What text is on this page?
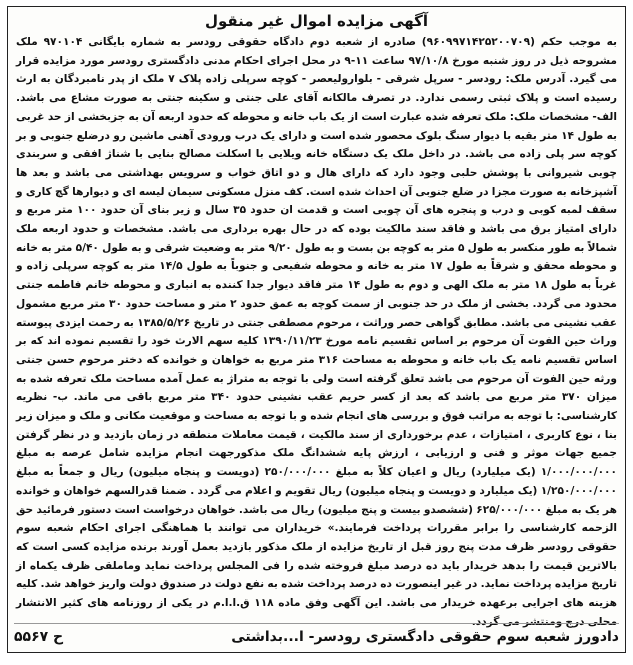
آگهی مزایده اموال غیر منقول
به موجب حکم (۹۶۰۹۹۷۱۴۲۵۲۰۰۷۰۹) صادره از شعبه دوم دادگاه حقوقی رودسر به شماره بایگانی ۹۷۰۱۰۴ ملک مشروحه ذیل در روز شنبه مورخ ۹۷/۱۰/۸ ساعت ۱۱-۹ در محل اجرای احکام مدنی دادگستری رودسر مورد مزایده قرار می گیرد. آدرس ملک: رودسر - سرپل شرقی - بلوارولیعصر - کوچه سرپلی زاده پلاک ۷ ملک از پدر نامبردگان به ارث رسیده است و پلاک ثبتی رسمی ندارد. در تصرف مالکانه آقای علی جنتی و سکینه جنتی به صورت مشاع می باشد. الف- مشخصات ملک: ملک تعرفه شده عبارت است از یک باب خانه و محوطه که حدود اربعه آن به جزبخشی از حد غربی به طول ۱۴ متر بقیه با دیوار سنگ بلوک محصور شده است و دارای یک درب ورودی آهنی ماشین رو درضلع جنوبی و بر کوچه سر پلی زاده می باشد. در داخل ملک یک دستگاه خانه ویلایی با اسکلت مصالح بنایی با شناژ افقی و سربندی چوبی شیروانی با پوشش حلبی وجود دارد که دارای هال و دو اتاق خواب و سرویس بهداشتی می باشد و بعد ها آشپزخانه به صورت مجزا در ضلع جنوبی آن احداث شده است. کف منزل مسکونی سیمان لیسه ای و دیوارها گچ کاری و سقف لمبه کوبی و درب و پنجره های آن چوبی است و قدمت ان حدود ۳۵ سال و زیر بنای آن حدود ۱۰۰ متر مربع و دارای امتیاز برق می باشد و فاقد سند مالکیت بوده که در حال بهره برداری می باشد. مشخصات و حدود اربعه ملک شمالاً به طور منکسر به طول ۵ متر به کوچه بن بست و به طول ۹/۲۰ متر به وضعیت شرقی و به طول ۵/۴۰ متر به خانه و محوطه محقق و شرقاً به طول ۱۷ متر به خانه و محوطه شفیعی و جنوباً به طول ۱۴/۵ متر به کوچه سرپلی زاده و غرباً به طول ۱۸ متر به ملک الهی و دوم به طول ۱۴ متر فاقد دیوار جدا کننده به انباری و محوطه خانم فاطمه جنتی محدود می گردد. بخشی از ملک در حد جنوبی از سمت کوچه به عمق حدود ۲ متر و مساحت حدود ۳۰ متر مربع مشمول عقب نشینی می باشد. مطابق گواهی حصر وراثت ، مرحوم مصطفی جنتی در تاریخ ۱۳۸۵/۵/۲۶ به رحمت ایزدی پیوسته وراث حین الفوت آن مرحوم بر اساس تقسیم نامه مورخ ۱۳۹۰/۱۱/۲۳ کلیه سهم الارث خود را تقسیم نموده اند که بر اساس تقسیم نامه یک باب خانه و محوطه به مساحت ۳۱۶ متر مربع به خواهان و خوانده که دختر مرحوم حسن جنتی ورثه حین الفوت آن مرحوم می باشد تعلق گرفته است ولی با توجه به متراژ به عمل آمده مساحت ملک تعرفه شده به میزان ۳۷۰ متر مربع می باشد که بعد از کسر حریم عقب نشینی حدود ۳۴۰ متر مربع باقی می ماند. ب- نظریه کارشناسی: با توجه به مراتب فوق و بررسی های انجام شده و با توجه به مساحت و موقعیت مکانی و ملک و میزان زیر بنا ، نوع کاربری ، امتیازات ، عدم برخورداری از سند مالکیت ، قیمت معاملات منطقه در زمان بازدید و در نظر گرفتن جمیع جهات موثر و فنی و ارزیابی ، ارزش پایه ششدانگ ملک مذکورجهت انجام مزایده شامل عرصه به مبلغ ۱/۰۰۰/۰۰۰/۰۰۰ (یک میلیارد) ریال و اعیان کلاً به مبلغ ۲۵۰/۰۰۰/۰۰۰ (دویست و پنجاه میلیون) ریال و جمعاً به مبلغ ۱/۲۵۰/۰۰۰/۰۰۰ (یک میلیارد و دویست و پنجاه میلیون) ریال تقویم و اعلام می گردد . ضمنا قدرالسهم خواهان و خوانده هر یک به مبلغ ۶۲۵/۰۰۰/۰۰۰ (ششصدو بیست و پنج میلیون) ریال می باشد. خواهان درخواست است دستور فرمائید حق الزحمه کارشناسی را برابر مقررات پرداخت فرمایند.» خریداران می توانند با هماهنگی اجرای احکام شعبه سوم حقوقی رودسر ظرف مدت پنج روز قبل از تاریخ مزایده از ملک مذکور بازدید بعمل آورند برنده مزایده کسی است که بالاترین قیمت را بدهد خریدار باید ده درصد مبلغ فروخته شده را فی المجلس پرداخت نماید وماملقی ظرف یکماه از تاریخ مزایده پرداخت نماید. در غیر اینصورت ده درصد پرداخت شده به نفع دولت در صندوق دولت واریز خواهد شد. کلیه هزینه های اجرایی برعهده خریدار می باشد. این آگهی وفق ماده ۱۱۸ ق.ا.ا.م در یکی از روزنامه های کثیر الانتشار محلی درج ومنتشر می گردد.
دادورز شعبه سوم حقوقی دادگستری رودسر- ا...بداشتی
ح ۵۵۶۷
